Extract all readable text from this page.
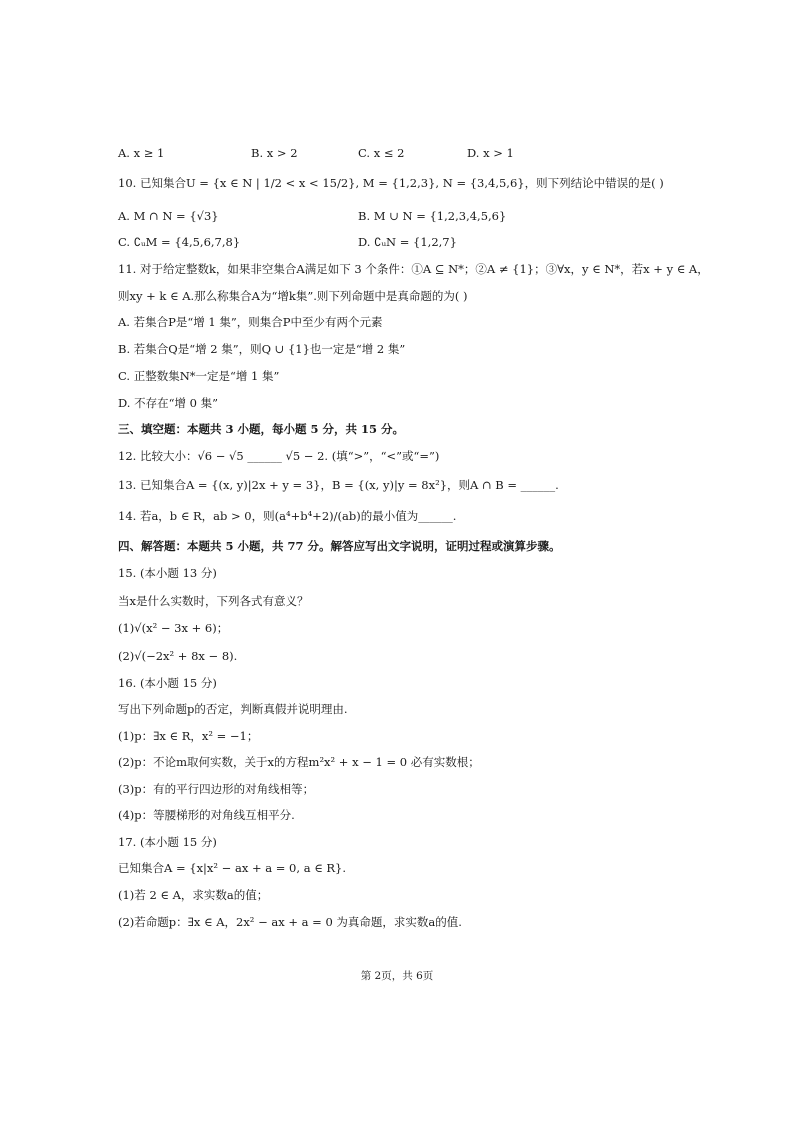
A. x ≥ 1	B. x > 2	C. x ≤ 2	D. x > 1
10. 已知集合U = {x ∈ N | 1/2 < x < 15/2}, M = {1,2,3}, N = {3,4,5,6}，则下列结论中错误的是( )
A. M ∩ N = {√3}	B. M ∪ N = {1,2,3,4,5,6}
C. ∁ᵤM = {4,5,6,7,8}	D. ∁ᵤN = {1,2,7}
11. 对于给定整数k，如果非空集合A满足如下 3 个条件：①A ⊆ N*；②A ≠ {1}；③∀x，y ∈ N*，若x + y ∈ A，
则xy + k ∈ A.那么称集合A为“增k集”.则下列命题中是真命题的为( )
A. 若集合P是“增 1 集”，则集合P中至少有两个元素
B. 若集合Q是“增 2 集”，则Q ∪ {1}也一定是“增 2 集”
C. 正整数集N*一定是“增 1 集”
D. 不存在“增 0 集”
三、填空题：本题共 3 小题，每小题 5 分，共 15 分。
12. 比较大小：√6 − √5 ______ √5 − 2. (填“>”，“<”或“=”)
13. 已知集合A = {(x, y)|2x + y = 3}，B = {(x, y)|y = 8x²}，则A ∩ B = ______.
14. 若a，b ∈ R，ab > 0，则(a⁴+b⁴+2)/(ab)的最小值为______.
四、解答题：本题共 5 小题，共 77 分。解答应写出文字说明，证明过程或演算步骤。
15. (本小题 13 分)
当x是什么实数时，下列各式有意义？
(1)√(x² − 3x + 6)；
(2)√(−2x² + 8x − 8).
16. (本小题 15 分)
写出下列命题p的否定，判断真假并说明理由.
(1)p：∃x ∈ R，x² = −1；
(2)p：不论m取何实数，关于x的方程m²x² + x − 1 = 0 必有实数根；
(3)p：有的平行四边形的对角线相等；
(4)p：等腰梯形的对角线互相平分.
17. (本小题 15 分)
已知集合A = {x|x² − ax + a = 0, a ∈ R}.
(1)若 2 ∈ A，求实数a的值；
(2)若命题p：∃x ∈ A，2x² − ax + a = 0 为真命题，求实数a的值.
第 2页，共 6页
